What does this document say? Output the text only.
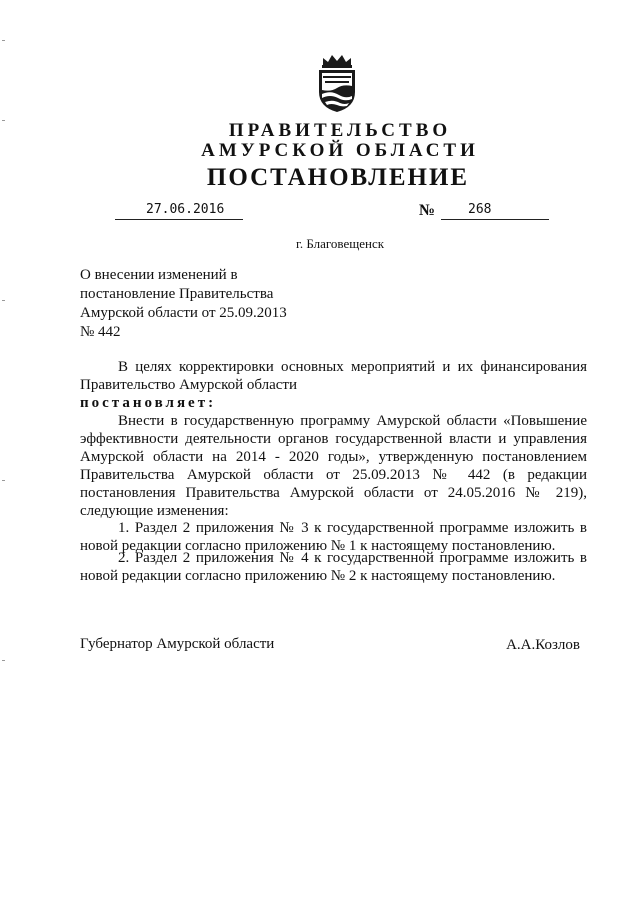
ПРАВИТЕЛЬСТВО
АМУРСКОЙ ОБЛАСТИ
ПОСТАНОВЛЕНИЕ
27.06.2016	№	268
г. Благовещенск
О внесении изменений в
постановление Правительства
Амурской области от 25.09.2013
№ 442
В целях корректировки основных мероприятий и их финансирования Правительство Амурской области
постановляет:
Внести в государственную программу Амурской области «Повышение эффективности деятельности органов государственной власти и управления Амурской области на 2014 - 2020 годы», утвержденную постановлением Правительства Амурской области от 25.09.2013 № 442 (в редакции постановления Правительства Амурской области от 24.05.2016 № 219), следующие изменения:
1. Раздел 2 приложения № 3 к государственной программе изложить в новой редакции согласно приложению № 1 к настоящему постановлению.
2. Раздел 2 приложения № 4 к государственной программе изложить в новой редакции согласно приложению № 2 к настоящему постановлению.
Губернатор Амурской области	А.А.Козлов
